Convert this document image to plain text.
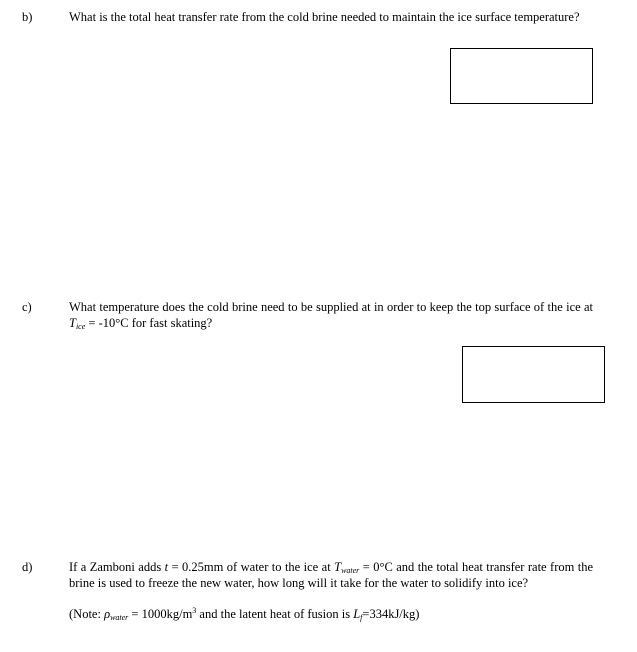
b)	What is the total heat transfer rate from the cold brine needed to maintain the ice surface temperature?
c)	What temperature does the cold brine need to be supplied at in order to keep the top surface of the ice at $T_{ice} = -10^\circ C$ for fast skating?
d)	If a Zamboni adds t = 0.25mm of water to the ice at $T_{water} = 0^\circ C$ and the total heat transfer rate from the brine is used to freeze the new water, how long will it take for the water to solidify into ice?
(Note: $\rho_{water} = 1000kg/m^3$ and the latent heat of fusion is $L_f=334kJ/kg$)
